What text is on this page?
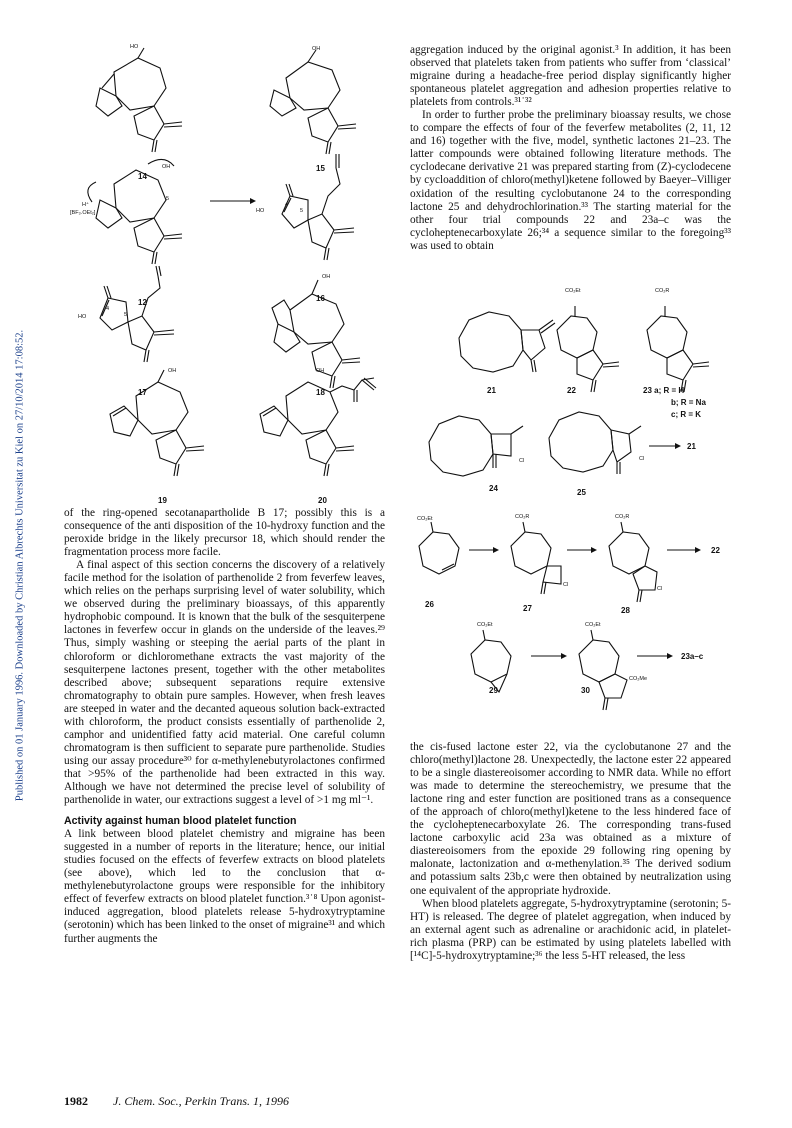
Published on 01 January 1996. Downloaded by Christian Albrechts Universitat zu Kiel on 27/10/2014 17:08:52.
14
15
12	16
17	18
19	20
H⁺
[BF₃.OEt₂]
HO	OH
OH
OH	OH
HO
HO
4
5
4
5
5
OH

aggregation induced by the original agonist.³ In addition, it has been observed that platelets taken from patients who suffer from ‘classical’ migraine during a headache-free period display significantly higher spontaneous platelet aggregation and adhesion properties relative to platelets from controls.³¹˙³²

In order to further probe the preliminary bioassay results, we chose to compare the effects of four of the feverfew metabolites (2, 11, 12 and 16) together with the five, model, synthetic lactones 21–23. The latter compounds were obtained following literature methods. The cyclodecane derivative 21 was prepared starting from (Z)-cyclodecene by cycloaddition of chloro(methyl)ketene followed by Baeyer–Villiger oxidation of the resulting cyclobutanone 24 to the corresponding lactone 25 and dehydrochlorination.³³ The starting material for the other four trial compounds 22 and 23a–c was the cycloheptenecarboxylate 26;³⁴ a sequence similar to the foregoing³³ was used to obtain

CO₂Et	CO₂R
21	22	23 a; R = H
b; R = Na
c; R = K
Cl	Cl
21
24	25
CO₂Et	CO₂R	CO₂R
Cl
Cl
22
26	27	28
CO₂Et	CO₂Et
CO₂Me
23a–c
29	30

of the ring-opened secotanapartholide B 17; possibly this is a consequence of the anti disposition of the 10-hydroxy function and the peroxide bridge in the likely precursor 18, which should render the fragmentation process more facile.

A final aspect of this section concerns the discovery of a relatively facile method for the isolation of parthenolide 2 from feverfew leaves, which relies on the perhaps surprising level of water solubility, which we observed during the preliminary bioassays, of this apparently hydrophobic compound. It is known that the bulk of the sesquiterpene lactones in feverfew occur in glands on the underside of the leaves.²⁹ Thus, simply washing or steeping the aerial parts of the plant in chloroform or dichloromethane extracts the vast majority of the sesquiterpene lactones present, together with the other metabolites described above; subsequent separations require extensive chromatography to obtain pure samples. However, when fresh leaves are steeped in water and the decanted aqueous solution back-extracted with chloroform, the product consists essentially of parthenolide 2, camphor and unidentified fatty acid material. One careful column chromatogram is then sufficient to separate pure parthenolide. Studies using our assay procedure³⁰ for α-methylenebutyrolactones confirmed that >95% of the parthenolide had been extracted in this way. Although we have not determined the precise level of solubility of parthenolide in water, our extractions suggest a level of >1 mg ml⁻¹.

Activity against human blood platelet function

A link between blood platelet chemistry and migraine has been suggested in a number of reports in the literature; hence, our initial studies focused on the effects of feverfew extracts on blood platelets (see above), which led to the conclusion that α-methylenebutyrolactone groups were responsible for the inhibitory effect of feverfew extracts on blood platelet function.³˙⁸ Upon agonist-induced aggregation, blood platelets release 5-hydroxytryptamine (serotonin) which has been linked to the onset of migraine³¹ and which further augments the

the cis-fused lactone ester 22, via the cyclobutanone 27 and the chloro(methyl)lactone 28. Unexpectedly, the lactone ester 22 appeared to be a single diastereoisomer according to NMR data. While no effort was made to determine the stereochemistry, we presume that the lactone ring and ester function are positioned trans as a consequence of the approach of chloro(methyl)ketene to the less hindered face of the cycloheptenecarboxylate 26. The corresponding trans-fused lactone carboxylic acid 23a was obtained as a mixture of diastereoisomers from the epoxide 29 following ring opening by malonate, lactonization and α-methenylation.³⁵ The derived sodium and potassium salts 23b,c were then obtained by neutralization using one equivalent of the appropriate hydroxide.

When blood platelets aggregate, 5-hydroxytryptamine (serotonin; 5-HT) is released. The degree of platelet aggregation, when induced by an external agent such as adrenaline or arachidonic acid, in platelet-rich plasma (PRP) can be estimated by using platelets labelled with [¹⁴C]-5-hydroxytryptamine;³⁶ the less 5-HT released, the less

1982 J. Chem. Soc., Perkin Trans. 1, 1996
